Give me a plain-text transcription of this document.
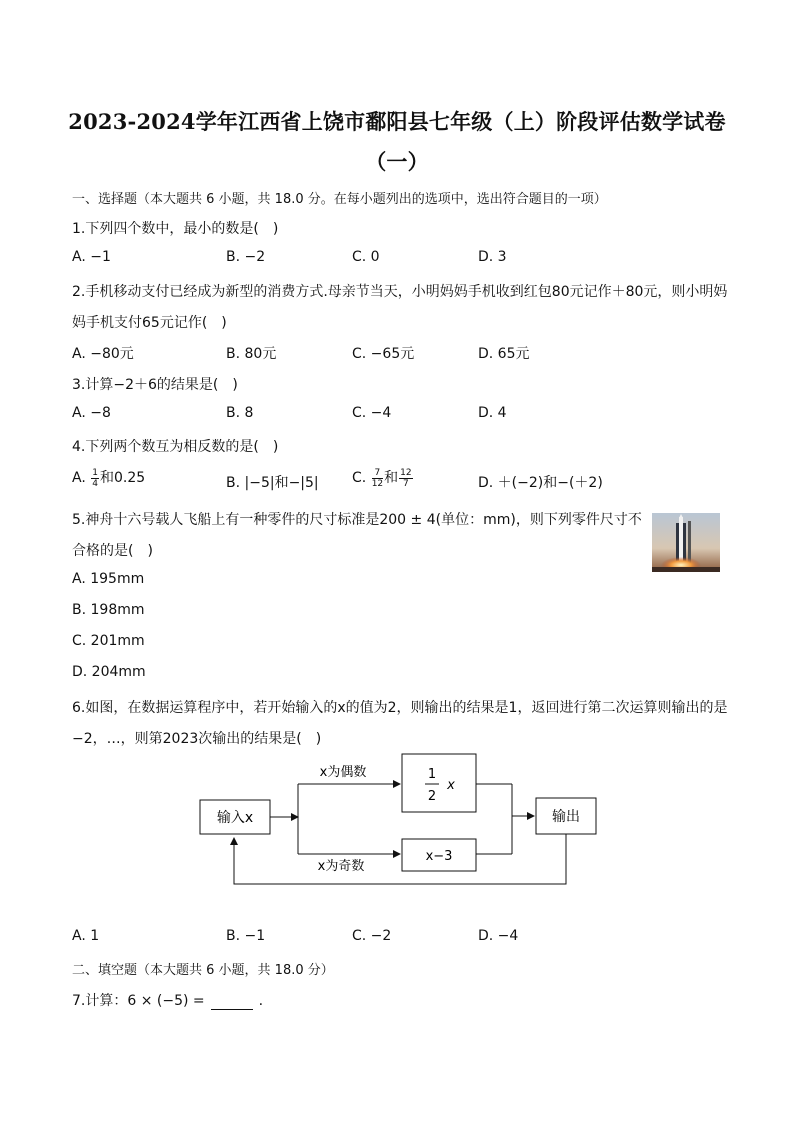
2023-2024学年江西省上饶市鄱阳县七年级（上）阶段评估数学试卷
（一）
一、选择题（本大题共 6 小题，共 18.0 分。在每小题列出的选项中，选出符合题目的一项）
1.下列四个数中，最小的数是(　)
A. −1	B. −2	C. 0	D. 3
2.手机移动支付已经成为新型的消费方式.母亲节当天，小明妈妈手机收到红包80元记作＋80元，则小明妈
妈手机支付65元记作(　)
A. −80元	B. 80元	C. −65元	D. 65元
3.计算−2＋6的结果是(　)
A. −8	B. 8	C. −4	D. 4
4.下列两个数互为相反数的是(　)
A. $\frac{1}{4}$ 和0.25	B. |−5|和−|5| C. $\frac{7}{12}$ 和 $\frac{12}{7}$	D. ＋(−2)和−(＋2)
5.神舟十六号载人飞船上有一种零件的尺寸标准是200 ± 4(单位：mm)，则下列零件尺寸不
合格的是(　)
A. 195mm
B. 198mm
C. 201mm
D. 204mm
6.如图，在数据运算程序中，若开始输入的x的值为2，则输出的结果是1，返回进行第二次运算则输出的是
−2，…，则第2023次输出的结果是(　)
输入x
x为偶数	1
2
x
x为奇数
x−3
输出
A. 1	B. −1	C. −2	D. −4
二、填空题（本大题共 6 小题，共 18.0 分）
7.计算：6 × (−5) =	.
